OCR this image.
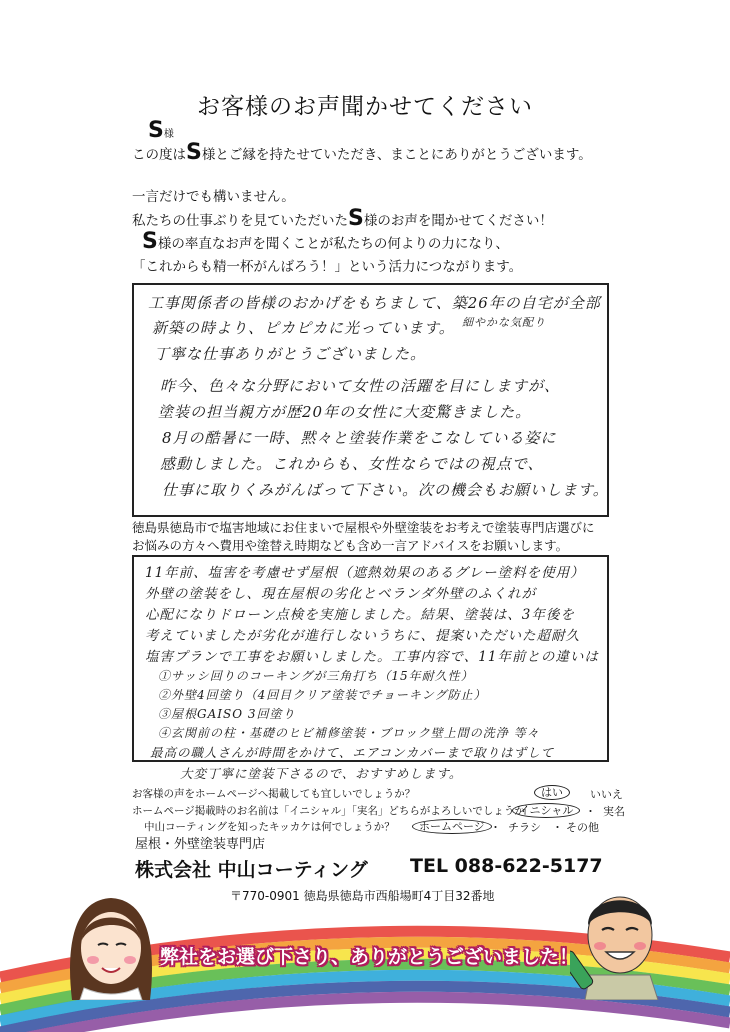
お客様のお声聞かせてください
S様
この度はS様とご縁を持たせていただき、まことにありがとうございます。
一言だけでも構いません。
私たちの仕事ぶりを見ていただいたS様のお声を聞かせてください！
S様の率直なお声を聞くことが私たちの何よりの力になり、
「これからも精一杯がんばろう！」という活力につながります。
工事関係者の皆様のおかげをもちまして、築26年の自宅が全部
新築の時より、ピカピカに光っています。 細やかな気配り
丁寧な仕事ありがとうございました。
昨今、色々な分野において女性の活躍を目にしますが、
塗装の担当親方が歴20年の女性に大変驚きました。
8月の酷暑に一時、黙々と塗装作業をこなしている姿に
感動しました。これからも、女性ならではの視点で、
仕事に取りくみがんばって下さい。次の機会もお願いします。
徳島県徳島市で塩害地域にお住まいで屋根や外壁塗装をお考えで塗装専門店選びに
お悩みの方々へ費用や塗替え時期なども含め一言アドバイスをお願いします。
11年前、塩害を考慮せず屋根（遮熱効果のあるグレー塗料を使用）
外壁の塗装をし、現在屋根の劣化とベランダ外壁のふくれが
心配になりドローン点検を実施しました。結果、塗装は、3年後を
考えていましたが劣化が進行しないうちに、提案いただいた超耐久
塩害プランで工事をお願いしました。工事内容で、11年前との違いは
①サッシ回りのコーキングが三角打ち（15年耐久性）
②外壁4回塗り（4回目クリア塗装でチョーキング防止）
③屋根GAISO 3回塗り
④玄関前の柱・基礎のヒビ補修塗装・ブロック壁上間の洗浄 等々
最高の職人さんが時間をかけて、エアコンカバーまで取りはずして
大変丁寧に塗装下さるので、おすすめします。
お客様の声をホームページへ掲載しても宜しいでしょうか？	はい	いいえ
ホームページ掲載時のお名前は「イニシャル」「実名」どちらがよろしいでしょうか
イニシャル	・ 実名
中山コーティングを知ったキッカケは何でしょうか？	ホームページ ・ チラシ ・ その他
屋根・外壁塗装専門店
株式会社 中山コーティング TEL 088-622-5177
〒770-0901 徳島県徳島市西船場町4丁目32番地
弊社をお選び下さり、ありがとうございました！
